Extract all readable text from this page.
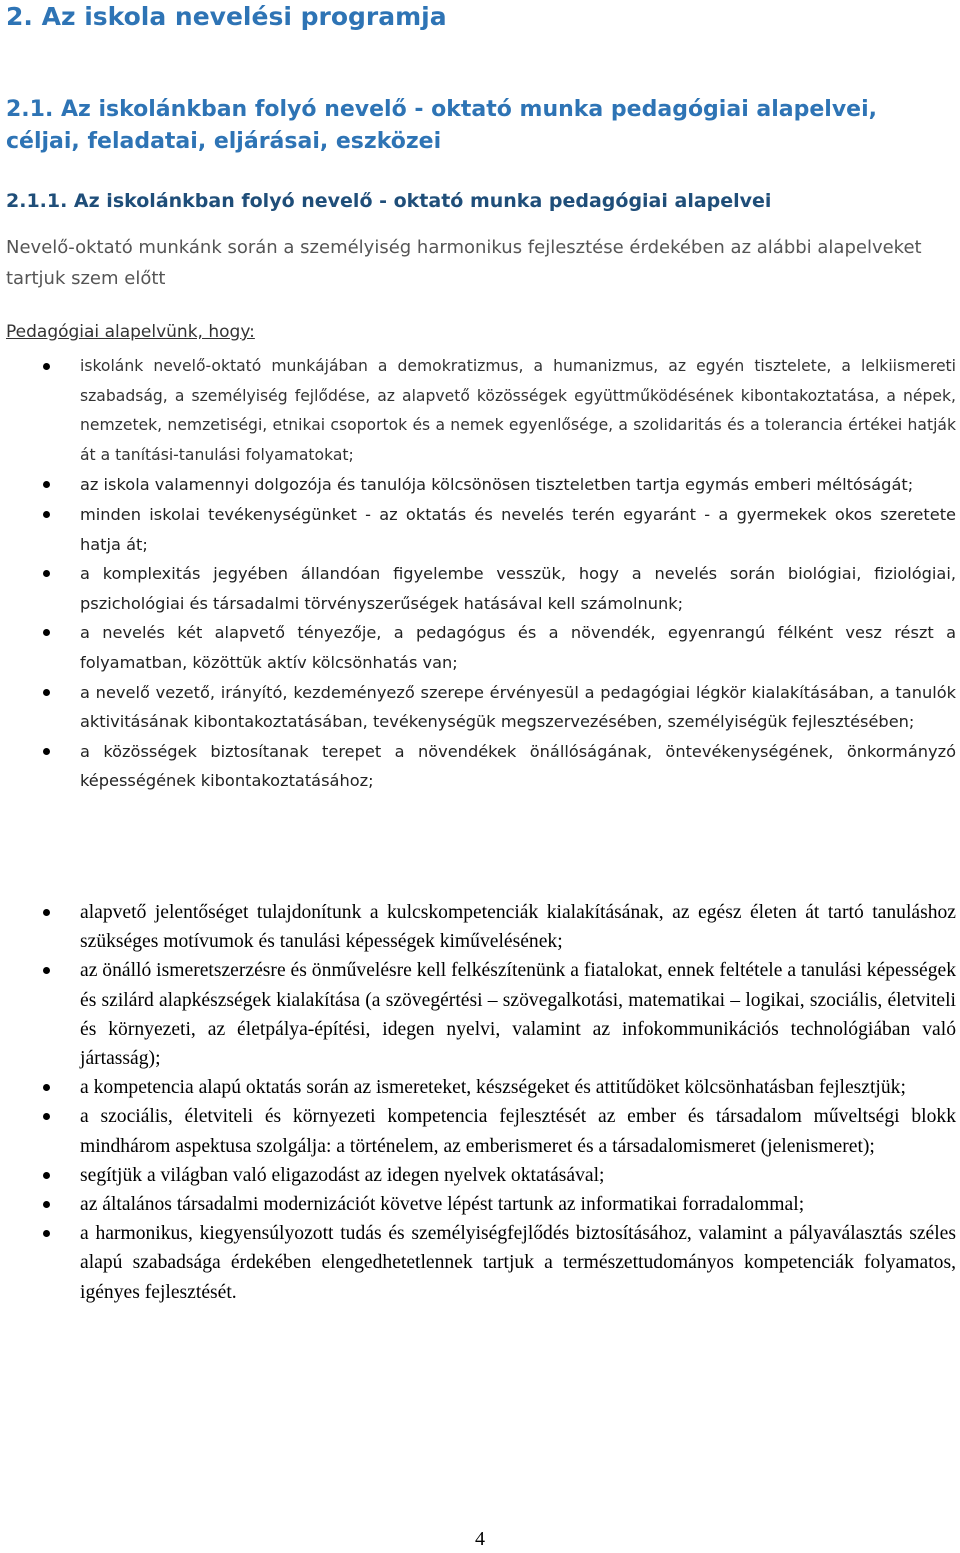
2. Az iskola nevelési programja
2.1. Az iskolánkban folyó nevelő - oktató munka pedagógiai alapelvei, céljai, feladatai, eljárásai, eszközei
2.1.1. Az iskolánkban folyó nevelő - oktató munka pedagógiai alapelvei

Nevelő-oktató munkánk során a személyiség harmonikus fejlesztése érdekében az alábbi alapelveket tartjuk szem előtt

Pedagógiai alapelvünk, hogy:

iskolánk nevelő-oktató munkájában a demokratizmus, a humanizmus, az egyén tisztelete, a lelkiismereti szabadság, a személyiség fejlődése, az alapvető közösségek együttműködésének kibontakoztatása, a népek, nemzetek, nemzetiségi, etnikai csoportok és a nemek egyenlősége, a szolidaritás és a tolerancia értékei hatják át a tanítási-tanulási folyamatokat;
az iskola valamennyi dolgozója és tanulója kölcsönösen tiszteletben tartja egymás emberi méltóságát;
minden iskolai tevékenységünket - az oktatás és nevelés terén egyaránt - a gyermekek okos szeretete hatja át;
a komplexitás jegyében állandóan figyelembe vesszük, hogy a nevelés során biológiai, fiziológiai, pszichológiai és társadalmi törvényszerűségek hatásával kell számolnunk;
a nevelés két alapvető tényezője, a pedagógus és a növendék, egyenrangú félként vesz részt a folyamatban, közöttük aktív kölcsönhatás van;
a nevelő vezető, irányító, kezdeményező szerepe érvényesül a pedagógiai légkör kialakításában, a tanulók aktivitásának kibontakoztatásában, tevékenységük megszervezésében, személyiségük fejlesztésében;
a közösségek biztosítanak terepet a növendékek önállóságának, öntevékenységének, önkormányzó képességének kibontakoztatásához;
alapvető jelentőséget tulajdonítunk a kulcskompetenciák kialakításának, az egész életen át tartó tanuláshoz szükséges motívumok és tanulási képességek kiművelésének;
az önálló ismeretszerzésre és önművelésre kell felkészítenünk a fiatalokat, ennek feltétele a tanulási képességek és szilárd alapkészségek kialakítása (a szövegértési – szövegalkotási, matematikai – logikai, szociális, életviteli és környezeti, az életpálya-építési, idegen nyelvi, valamint az infokommunikációs technológiában való jártasság);
a kompetencia alapú oktatás során az ismereteket, készségeket és attitűdöket kölcsönhatásban fejlesztjük;
a szociális, életviteli és környezeti kompetencia fejlesztését az ember és társadalom műveltségi blokk mindhárom aspektusa szolgálja: a történelem, az emberismeret és a társadalomismeret (jelenismeret);
segítjük a világban való eligazodást az idegen nyelvek oktatásával;
az általános társadalmi modernizációt követve lépést tartunk az informatikai forradalommal;
a harmonikus, kiegyensúlyozott tudás és személyiségfejlődés biztosításához, valamint a pályaválasztás széles alapú szabadsága érdekében elengedhetetlennek tartjuk a természettudományos kompetenciák folyamatos, igényes fejlesztését.

4
